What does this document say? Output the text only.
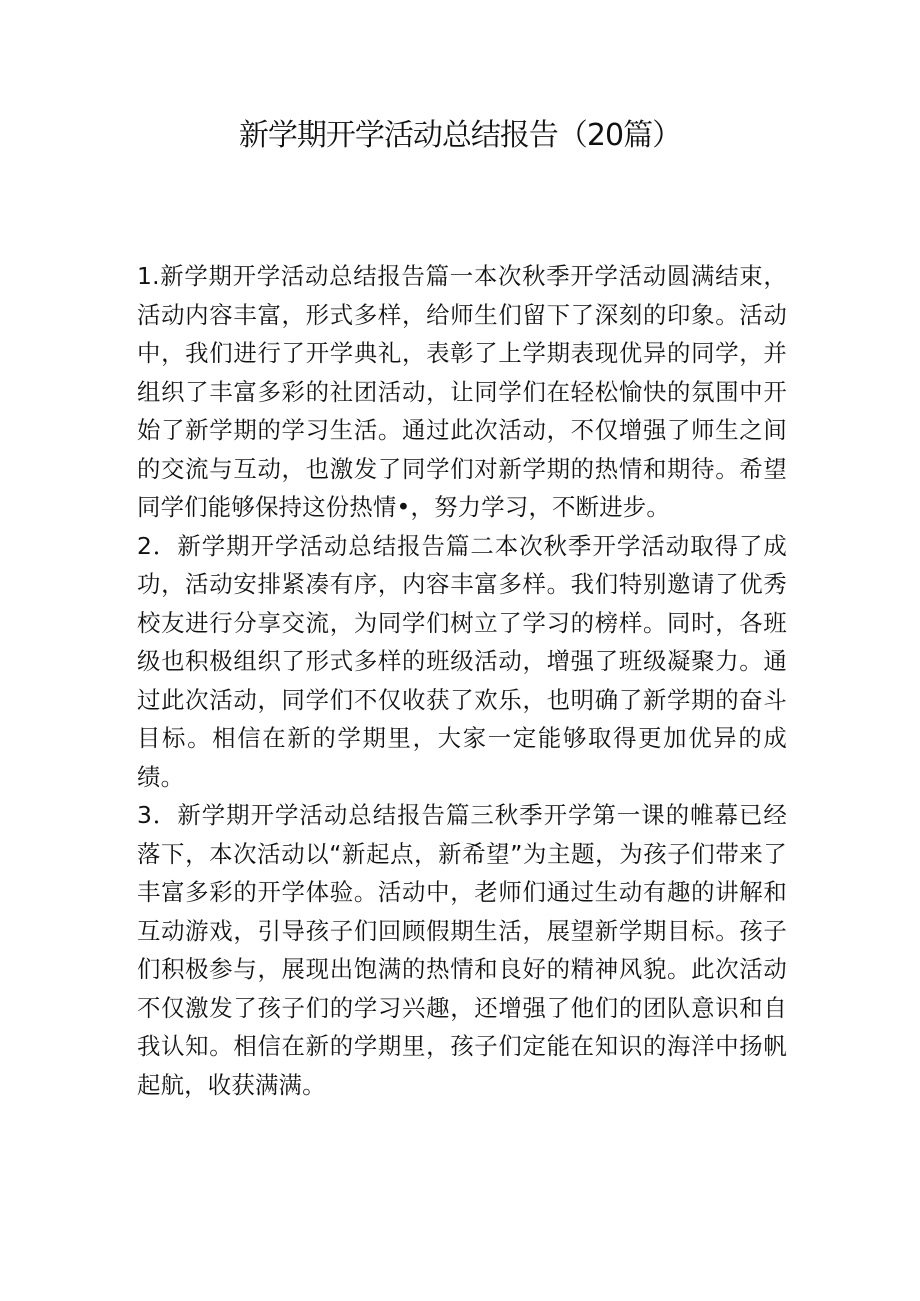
新学期开学活动总结报告（20篇）

1.新学期开学活动总结报告篇一本次秋季开学活动圆满结束，活动内容丰富，形式多样，给师生们留下了深刻的印象。活动中，我们进行了开学典礼，表彰了上学期表现优异的同学，并组织了丰富多彩的社团活动，让同学们在轻松愉快的氛围中开始了新学期的学习生活。通过此次活动，不仅增强了师生之间的交流与互动，也激发了同学们对新学期的热情和期待。希望同学们能够保持这份热情•，努力学习，不断进步。

2．新学期开学活动总结报告篇二本次秋季开学活动取得了成功，活动安排紧凑有序，内容丰富多样。我们特别邀请了优秀校友进行分享交流，为同学们树立了学习的榜样。同时，各班级也积极组织了形式多样的班级活动，增强了班级凝聚力。通过此次活动，同学们不仅收获了欢乐，也明确了新学期的奋斗目标。相信在新的学期里，大家一定能够取得更加优异的成绩。

3．新学期开学活动总结报告篇三秋季开学第一课的帷幕已经落下，本次活动以“新起点，新希望”为主题，为孩子们带来了丰富多彩的开学体验。活动中，老师们通过生动有趣的讲解和互动游戏，引导孩子们回顾假期生活，展望新学期目标。孩子们积极参与，展现出饱满的热情和良好的精神风貌。此次活动不仅激发了孩子们的学习兴趣，还增强了他们的团队意识和自我认知。相信在新的学期里，孩子们定能在知识的海洋中扬帆起航，收获满满。
